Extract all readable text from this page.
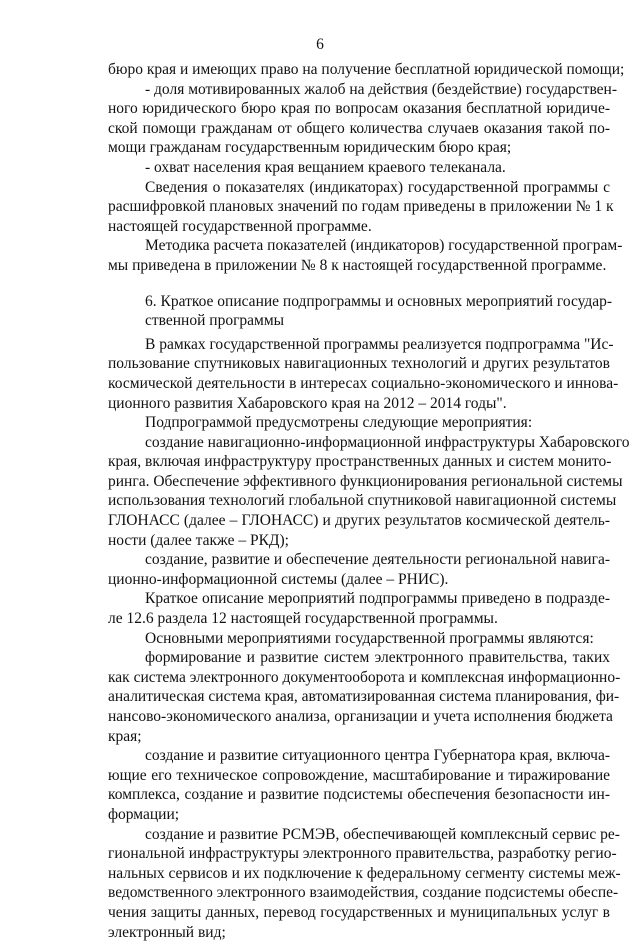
6
бюро края и имеющих право на получение бесплатной юридической помощи;
- доля мотивированных жалоб на действия (бездействие) государствен-
ного юридического бюро края по вопросам оказания бесплатной юридиче-
ской помощи гражданам от общего количества случаев оказания такой по-
мощи гражданам государственным юридическим бюро края;
- охват населения края вещанием краевого телеканала.
Сведения о показателях (индикаторах) государственной программы с
расшифровкой плановых значений по годам приведены в приложении № 1 к
настоящей государственной программе.
Методика расчета показателей (индикаторов) государственной програм-
мы приведена в приложении № 8 к настоящей государственной программе.
6. Краткое описание подпрограммы и основных мероприятий государ-
ственной программы
В рамках государственной программы реализуется подпрограмма "Ис-
пользование спутниковых навигационных технологий и других результатов
космической деятельности в интересах социально-экономического и иннова-
ционного развития Хабаровского края на 2012 – 2014 годы".
Подпрограммой предусмотрены следующие мероприятия:
создание навигационно-информационной инфраструктуры Хабаровского
края, включая инфраструктуру пространственных данных и систем монито-
ринга. Обеспечение эффективного функционирования региональной системы
использования технологий глобальной спутниковой навигационной системы
ГЛОНАСС (далее – ГЛОНАСС) и других результатов космической деятель-
ности (далее также – РКД);
создание, развитие и обеспечение деятельности региональной навига-
ционно-информационной системы (далее – РНИС).
Краткое описание мероприятий подпрограммы приведено в подразде-
ле 12.6 раздела 12 настоящей государственной программы.
Основными мероприятиями государственной программы являются:
формирование и развитие систем электронного правительства, таких
как система электронного документооборота и комплексная информационно-
аналитическая система края, автоматизированная система планирования, фи-
нансово-экономического анализа, организации и учета исполнения бюджета
края;
создание и развитие ситуационного центра Губернатора края, включа-
ющие его техническое сопровождение, масштабирование и тиражирование
комплекса, создание и развитие подсистемы обеспечения безопасности ин-
формации;
создание и развитие РСМЭВ, обеспечивающей комплексный сервис ре-
гиональной инфраструктуры электронного правительства, разработку регио-
нальных сервисов и их подключение к федеральному сегменту системы меж-
ведомственного электронного взаимодействия, создание подсистемы обеспе-
чения защиты данных, перевод государственных и муниципальных услуг в
электронный вид;
